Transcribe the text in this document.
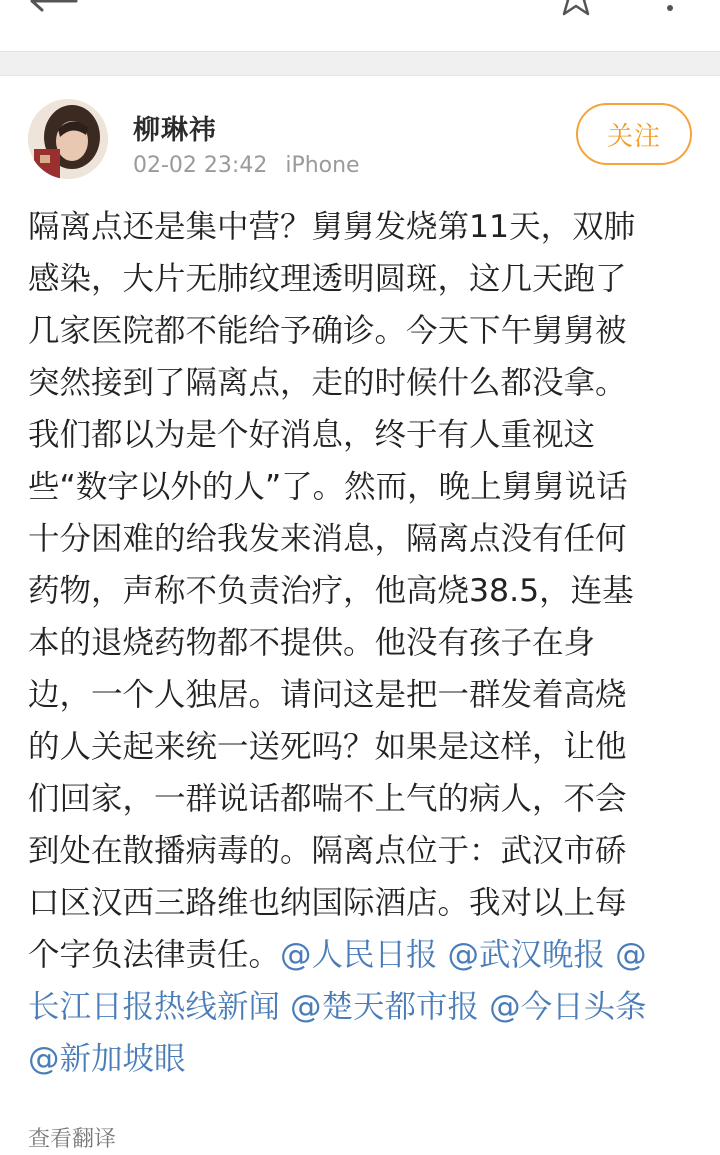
柳琳祎
02-02 23:42 iPhone
关注
隔离点还是集中营？舅舅发烧第11天，双肺
感染，大片无肺纹理透明圆斑，这几天跑了
几家医院都不能给予确诊。今天下午舅舅被
突然接到了隔离点，走的时候什么都没拿。
我们都以为是个好消息，终于有人重视这
些“数字以外的人”了。然而，晚上舅舅说话
十分困难的给我发来消息，隔离点没有任何
药物，声称不负责治疗，他高烧38.5，连基
本的退烧药物都不提供。他没有孩子在身
边，一个人独居。请问这是把一群发着高烧
的人关起来统一送死吗？如果是这样，让他
们回家，一群说话都喘不上气的病人，不会
到处在散播病毒的。隔离点位于：武汉市硚
口区汉西三路维也纳国际酒店。我对以上每
个字负法律责任。@人民日报 @武汉晚报 @
长江日报热线新闻 @楚天都市报 @今日头条
@新加坡眼
查看翻译
